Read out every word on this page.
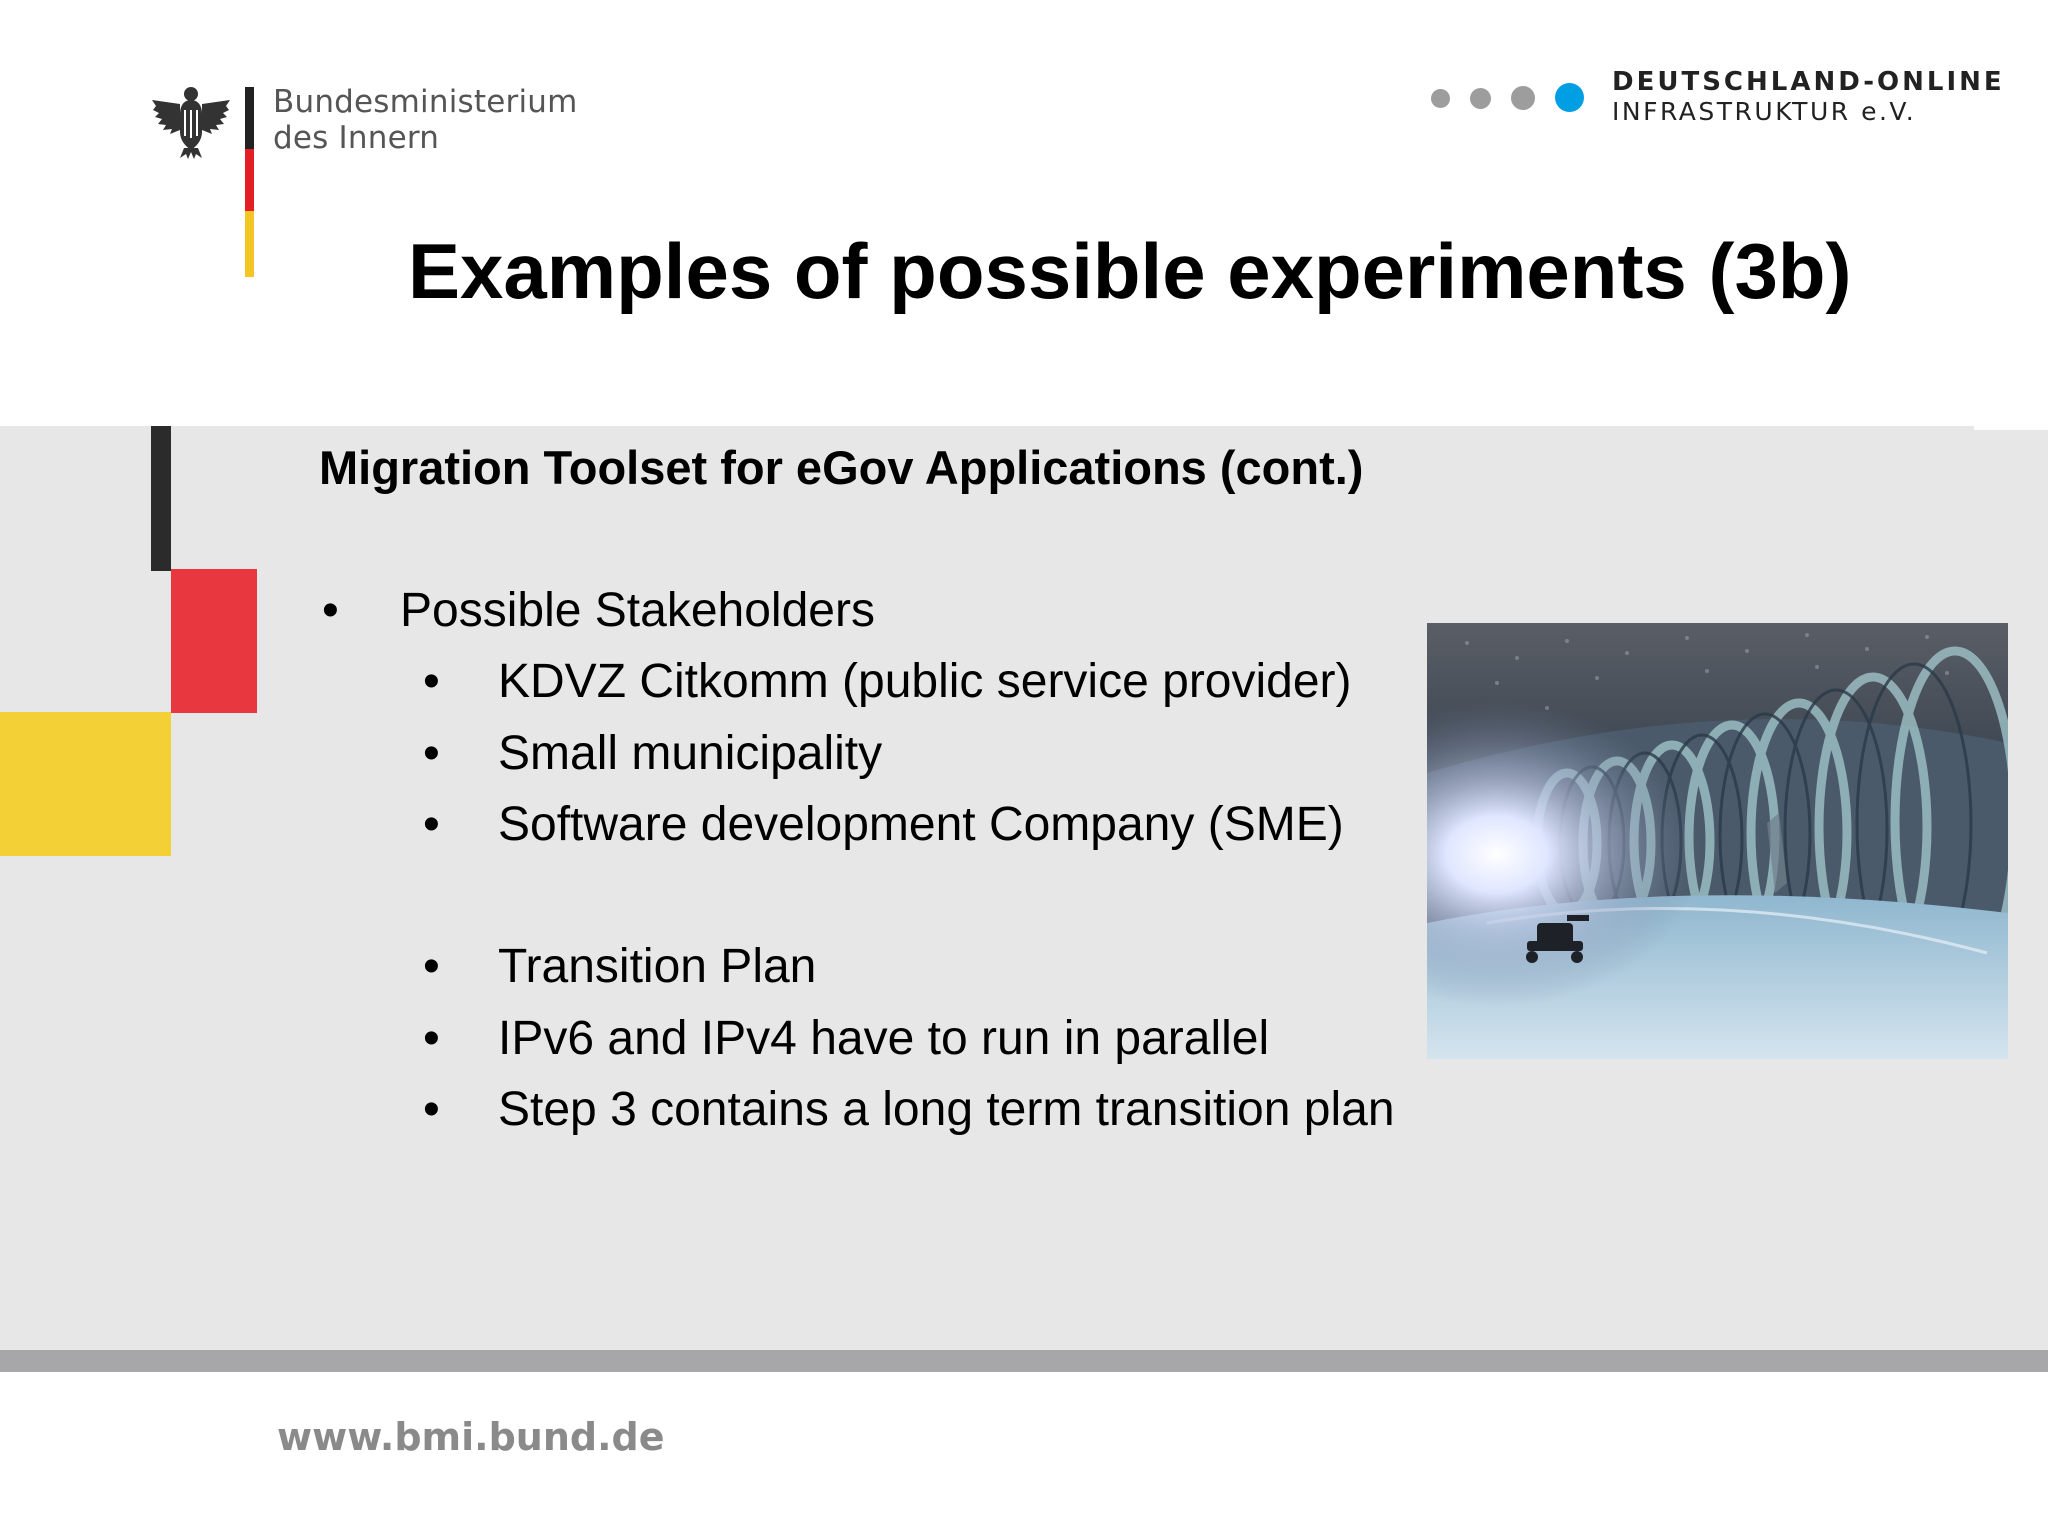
Bundesministerium
des Innern
DEUTSCHLAND-ONLINE
INFRASTRUKTUR e.V.
Examples of possible experiments (3b)
Migration Toolset for eGov Applications (cont.)
• Possible Stakeholders
• KDVZ Citkomm (public service provider)
• Small municipality
• Software development Company (SME)
• Transition Plan
• IPv6 and IPv4 have to run in parallel
• Step 3 contains a long term transition plan
www.bmi.bund.de
